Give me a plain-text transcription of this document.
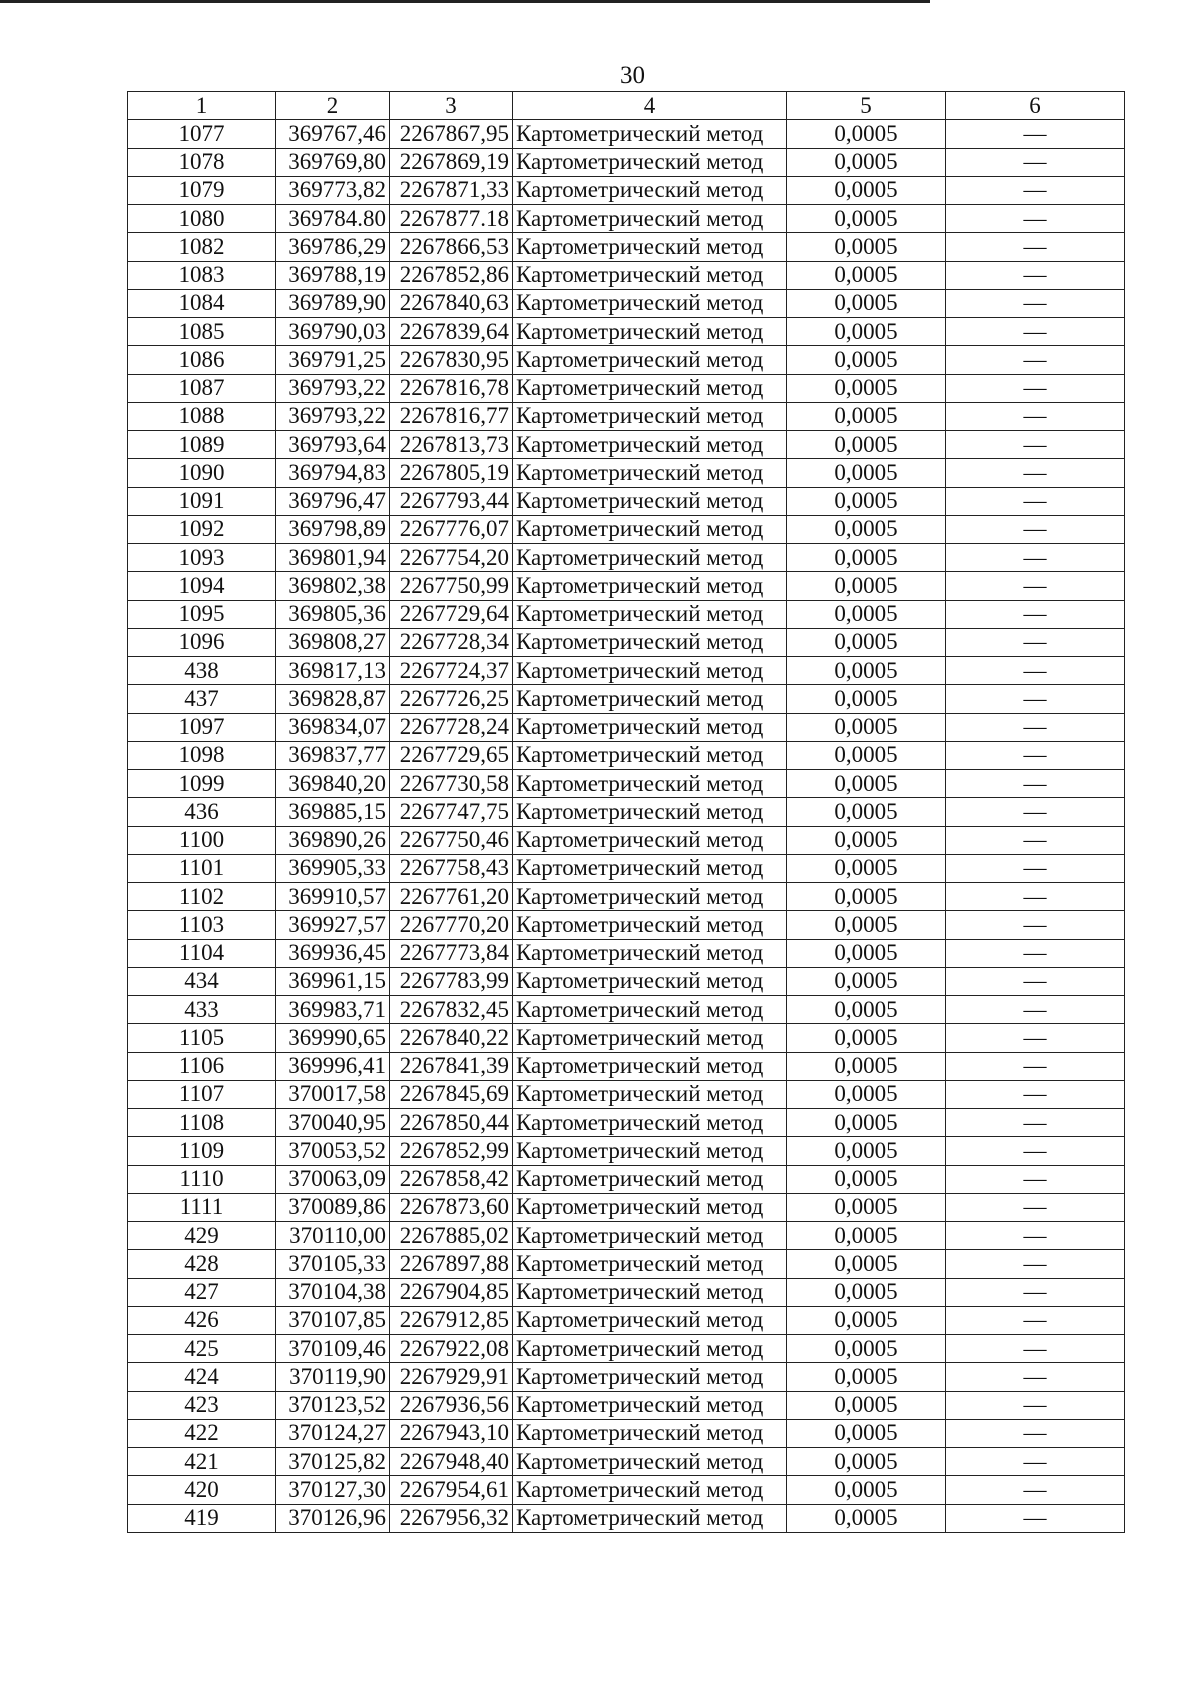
30
1	2	3	4	5	6
1077	369767,46	2267867,95	Картометрический метод	0,0005	—
1078	369769,80	2267869,19	Картометрический метод	0,0005	—
1079	369773,82	2267871,33	Картометрический метод	0,0005	—
1080	369784.80	2267877.18	Картометрический метод	0,0005	—
1082	369786,29	2267866,53	Картометрический метод	0,0005	—
1083	369788,19	2267852,86	Картометрический метод	0,0005	—
1084	369789,90	2267840,63	Картометрический метод	0,0005	—
1085	369790,03	2267839,64	Картометрический метод	0,0005	—
1086	369791,25	2267830,95	Картометрический метод	0,0005	—
1087	369793,22	2267816,78	Картометрический метод	0,0005	—
1088	369793,22	2267816,77	Картометрический метод	0,0005	—
1089	369793,64	2267813,73	Картометрический метод	0,0005	—
1090	369794,83	2267805,19	Картометрический метод	0,0005	—
1091	369796,47	2267793,44	Картометрический метод	0,0005	—
1092	369798,89	2267776,07	Картометрический метод	0,0005	—
1093	369801,94	2267754,20	Картометрический метод	0,0005	—
1094	369802,38	2267750,99	Картометрический метод	0,0005	—
1095	369805,36	2267729,64	Картометрический метод	0,0005	—
1096	369808,27	2267728,34	Картометрический метод	0,0005	—
438	369817,13	2267724,37	Картометрический метод	0,0005	—
437	369828,87	2267726,25	Картометрический метод	0,0005	—
1097	369834,07	2267728,24	Картометрический метод	0,0005	—
1098	369837,77	2267729,65	Картометрический метод	0,0005	—
1099	369840,20	2267730,58	Картометрический метод	0,0005	—
436	369885,15	2267747,75	Картометрический метод	0,0005	—
1100	369890,26	2267750,46	Картометрический метод	0,0005	—
1101	369905,33	2267758,43	Картометрический метод	0,0005	—
1102	369910,57	2267761,20	Картометрический метод	0,0005	—
1103	369927,57	2267770,20	Картометрический метод	0,0005	—
1104	369936,45	2267773,84	Картометрический метод	0,0005	—
434	369961,15	2267783,99	Картометрический метод	0,0005	—
433	369983,71	2267832,45	Картометрический метод	0,0005	—
1105	369990,65	2267840,22	Картометрический метод	0,0005	—
1106	369996,41	2267841,39	Картометрический метод	0,0005	—
1107	370017,58	2267845,69	Картометрический метод	0,0005	—
1108	370040,95	2267850,44	Картометрический метод	0,0005	—
1109	370053,52	2267852,99	Картометрический метод	0,0005	—
1110	370063,09	2267858,42	Картометрический метод	0,0005	—
1111	370089,86	2267873,60	Картометрический метод	0,0005	—
429	370110,00	2267885,02	Картометрический метод	0,0005	—
428	370105,33	2267897,88	Картометрический метод	0,0005	—
427	370104,38	2267904,85	Картометрический метод	0,0005	—
426	370107,85	2267912,85	Картометрический метод	0,0005	—
425	370109,46	2267922,08	Картометрический метод	0,0005	—
424	370119,90	2267929,91	Картометрический метод	0,0005	—
423	370123,52	2267936,56	Картометрический метод	0,0005	—
422	370124,27	2267943,10	Картометрический метод	0,0005	—
421	370125,82	2267948,40	Картометрический метод	0,0005	—
420	370127,30	2267954,61	Картометрический метод	0,0005	—
419	370126,96	2267956,32	Картометрический метод	0,0005	—
